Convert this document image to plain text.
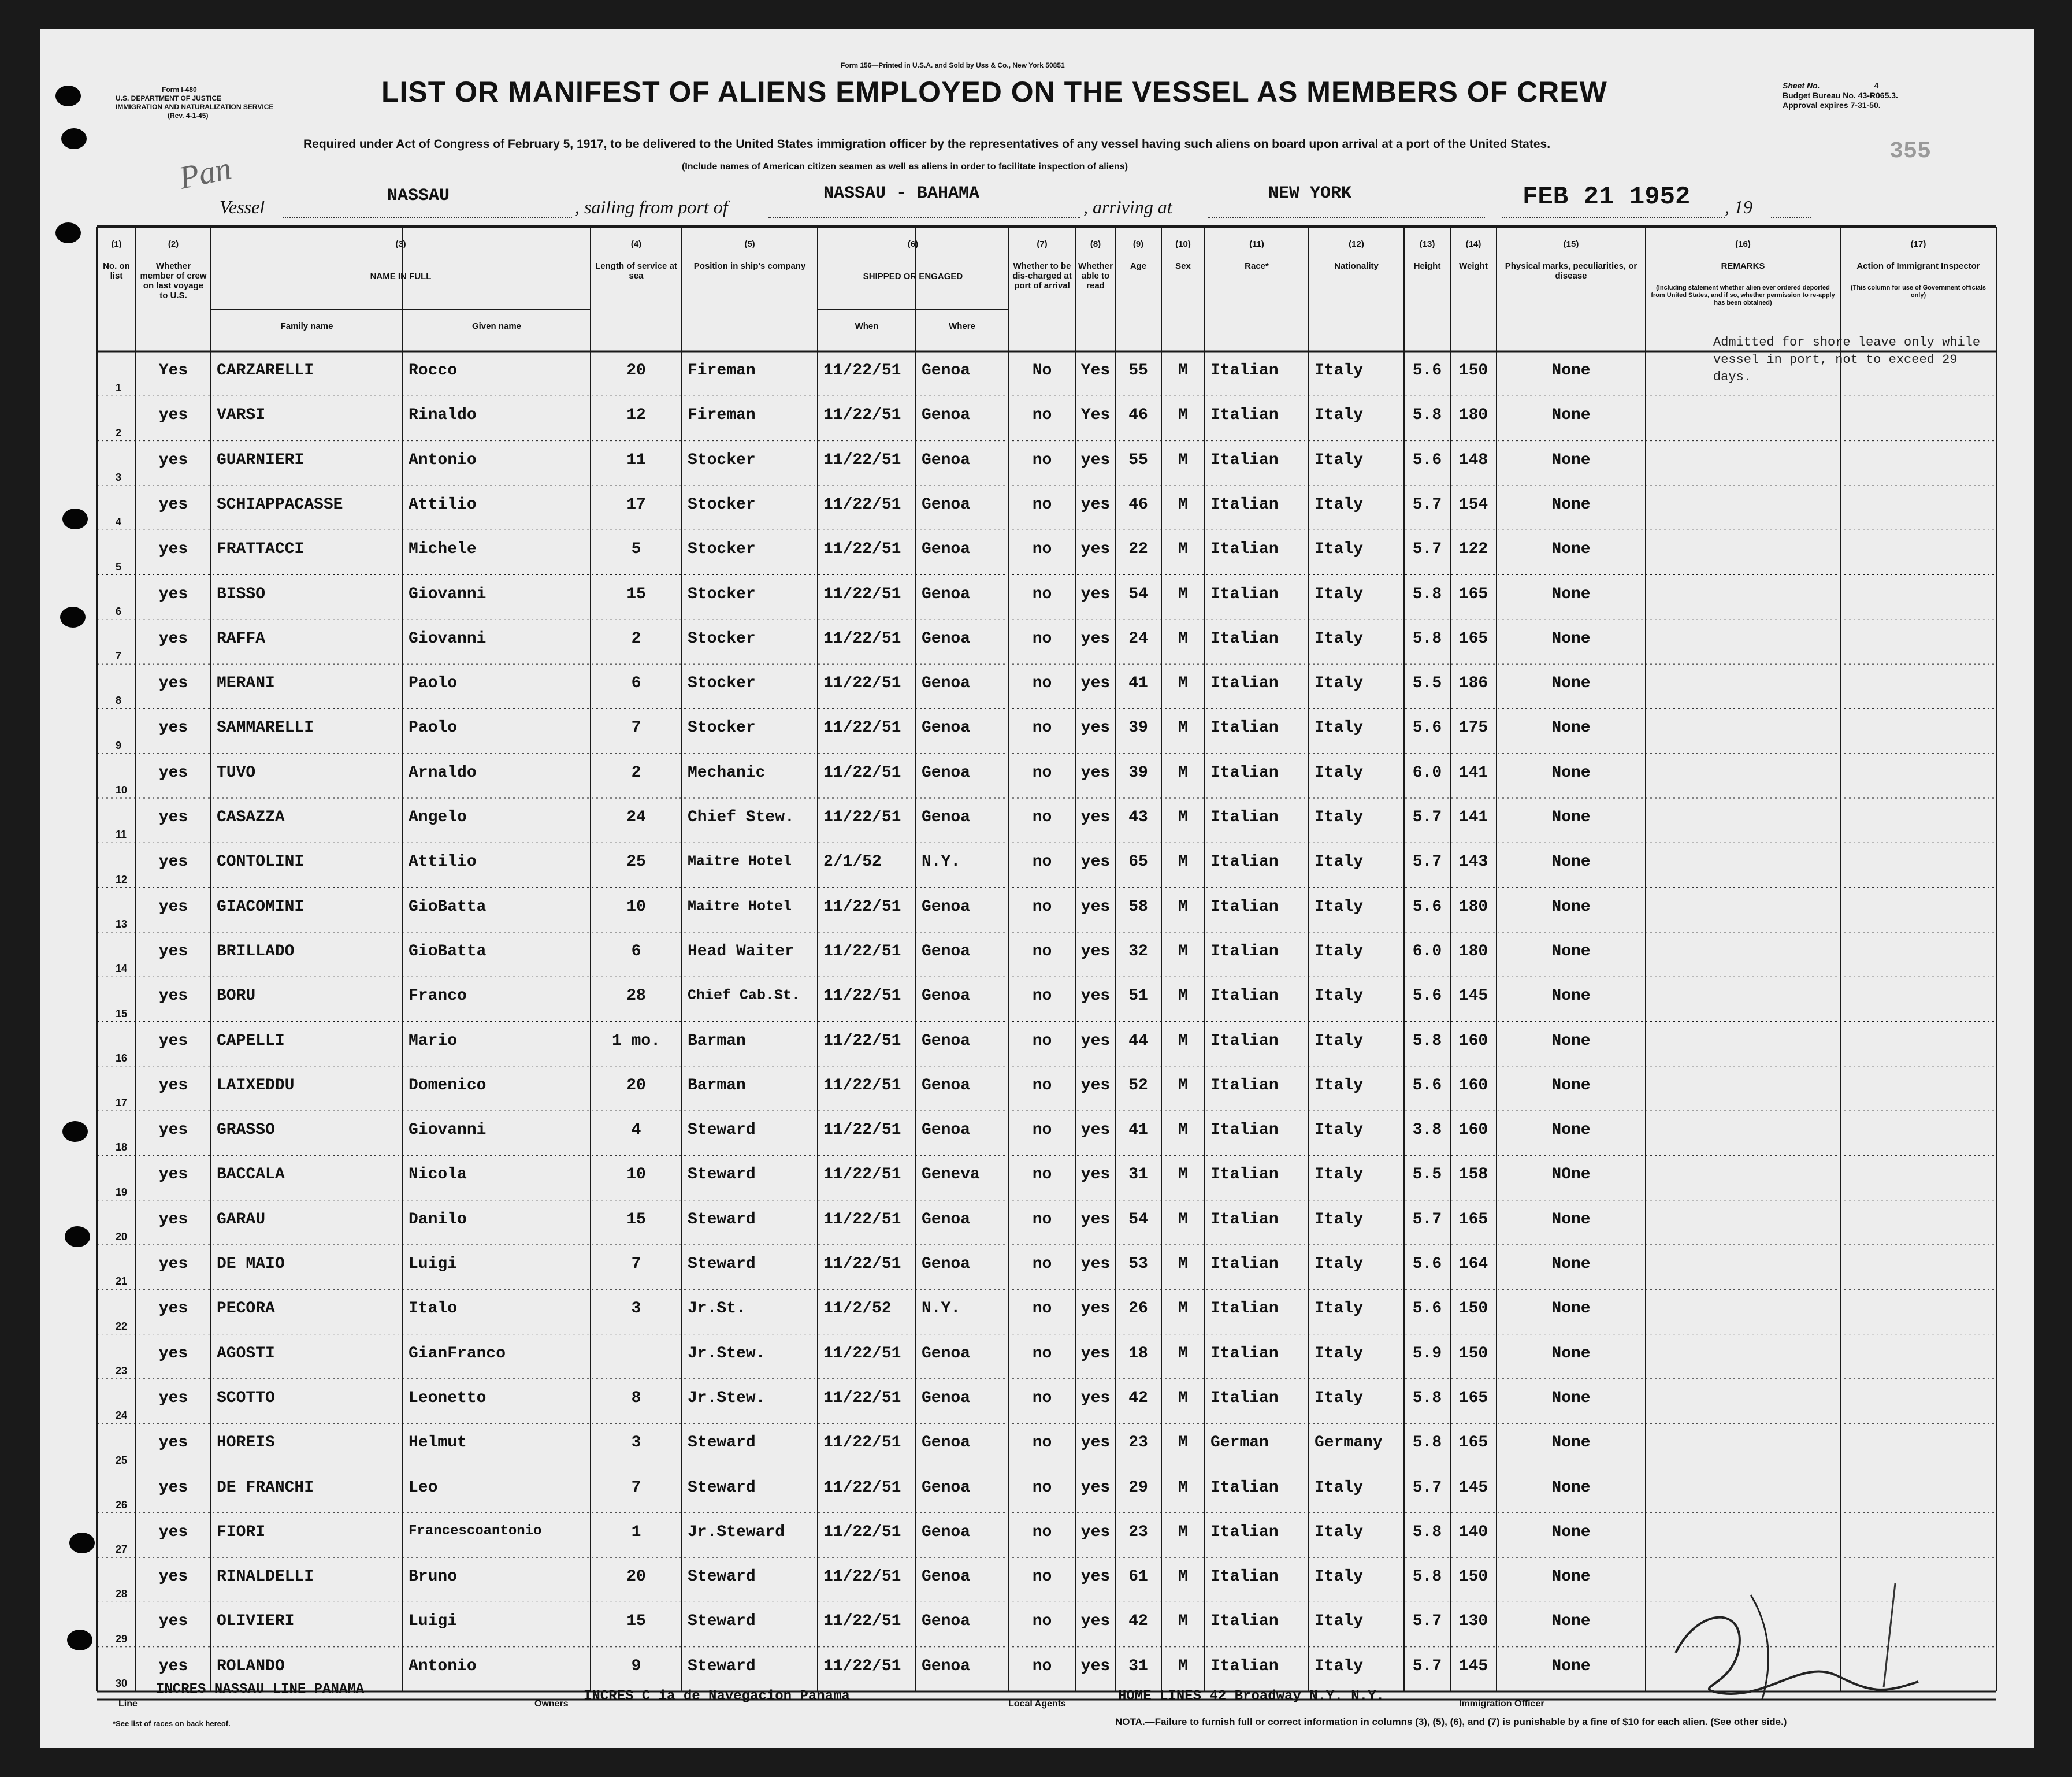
Form 156—Printed in U.S.A. and Sold by Uss & Co., New York 50851
Form I-480
U.S. DEPARTMENT OF JUSTICE
IMMIGRATION AND NATURALIZATION SERVICE
(Rev. 4-1-45)
LIST OR MANIFEST OF ALIENS EMPLOYED ON THE VESSEL AS MEMBERS OF CREW	Sheet No.	4
Budget Bureau No. 43-R065.3.
Approval expires 7-31-50.
355
Required under Act of Congress of February 5, 1917, to be delivered to the United States immigration officer by the representatives of any vessel having such aliens on board upon arrival at a port of the United States.
(Include names of American citizen seamen as well as aliens in order to facilitate inspection of aliens)
Pan
Vessel
NASSAU
, sailing from port of
NASSAU - BAHAMA
, arriving at
NEW YORK	FEB 21 1952 , 19
(1)
No. on list
(2)
Whether member of crew on last voyage to U.S.
(3)
NAME IN FULL
Family name	Given name
(4)
Length of service at sea
(5)
Position in ship's company
(6)
SHIPPED OR ENGAGED
When	Where
(7)
Whether to be dis-charged at port of arrival
(8)
Whether able to read
(9)
Age
(10)
Sex
(11)
Race*
(12)
Nationality
(13)
Height
(14)
Weight
(15)
Physical marks, peculiarities, or disease
(16)
REMARKS
(Including statement whether alien ever ordered deported from United States, and if so, whether permission to re-apply has been obtained)
(17)
Action of Immigrant Inspector
(This column for use of Government officials only)
1
Yes	CARZARELLI	Rocco	20	Fireman	11/22/51 Genoa	No	Yes	55	M	Italian Italy	5.6	150	None
2
yes	VARSI	Rinaldo	12	Fireman	11/22/51 Genoa	no	Yes	46	M	Italian Italy	5.8	180	None
3
yes	GUARNIERI	Antonio	11	Stocker	11/22/51 Genoa	no	yes	55	M	Italian Italy	5.6	148	None
4
yes	SCHIAPPACASSE	Attilio	17	Stocker	11/22/51 Genoa	no	yes	46	M	Italian Italy	5.7	154	None
5
yes	FRATTACCI	Michele	5	Stocker	11/22/51 Genoa	no	yes	22	M	Italian Italy	5.7	122	None
6
yes	BISSO	Giovanni	15	Stocker	11/22/51 Genoa	no	yes	54	M	Italian Italy	5.8	165	None
7
yes	RAFFA	Giovanni	2	Stocker	11/22/51 Genoa	no	yes	24	M	Italian Italy	5.8	165	None
8
yes	MERANI	Paolo	6	Stocker	11/22/51 Genoa	no	yes	41	M	Italian Italy	5.5	186	None
9
yes	SAMMARELLI	Paolo	7	Stocker	11/22/51 Genoa	no	yes	39	M	Italian Italy	5.6	175	None
10
yes	TUVO	Arnaldo	2	Mechanic	11/22/51 Genoa	no	yes	39	M	Italian Italy	6.0	141	None
11
yes	CASAZZA	Angelo	24	Chief Stew. 11/22/51 Genoa	no	yes	43	M	Italian Italy	5.7	141	None
12
yes	CONTOLINI	Attilio	25	Maitre Hotel 2/1/52 N.Y.	no	yes	65	M	Italian Italy	5.7	143	None
13
yes	GIACOMINI	GioBatta	10	Maitre Hotel 11/22/51 Genoa	no	yes	58	M	Italian Italy	5.6	180	None
14
yes	BRILLADO	GioBatta	6	Head Waiter 11/22/51 Genoa	no	yes	32	M	Italian Italy	6.0	180	None
15
yes	BORU	Franco	28	Chief Cab.St. 11/22/51 Genoa	no	yes	51	M	Italian Italy	5.6	145	None
16
yes	CAPELLI	Mario	1 mo.	Barman	11/22/51 Genoa	no	yes	44	M	Italian Italy	5.8	160	None
17
yes	LAIXEDDU	Domenico	20	Barman	11/22/51 Genoa	no	yes	52	M	Italian Italy	5.6	160	None
18
yes	GRASSO	Giovanni	4	Steward	11/22/51 Genoa	no	yes	41	M	Italian Italy	3.8	160	None
19
yes	BACCALA	Nicola	10	Steward	11/22/51 Geneva	no	yes	31	M	Italian Italy	5.5	158	NOne
20
yes	GARAU	Danilo	15	Steward	11/22/51 Genoa	no	yes	54	M	Italian Italy	5.7	165	None
21
yes	DE MAIO	Luigi	7	Steward	11/22/51 Genoa	no	yes	53	M	Italian Italy	5.6	164	None
22
yes	PECORA	Italo	3	Jr.St.	11/2/52 N.Y.	no	yes	26	M	Italian Italy	5.6	150	None
23
yes	AGOSTI	GianFranco	Jr.Stew.	11/22/51 Genoa	no	yes	18	M	Italian Italy	5.9	150	None
24
yes	SCOTTO	Leonetto	8	Jr.Stew.	11/22/51 Genoa	no	yes	42	M	Italian Italy	5.8	165	None
25
yes	HOREIS	Helmut	3	Steward	11/22/51 Genoa	no	yes	23	M	German	Germany	5.8	165	None
26
yes	DE FRANCHI	Leo	7	Steward	11/22/51 Genoa	no	yes	29	M	Italian Italy	5.7	145	None
27
yes	FIORI	Francescoantonio	1	Jr.Steward 11/22/51 Genoa	no	yes	23	M	Italian Italy	5.8	140	None
28
yes	RINALDELLI	Bruno	20	Steward	11/22/51 Genoa	no	yes	61	M	Italian Italy	5.8	150	None
29
yes	OLIVIERI	Luigi	15	Steward	11/22/51 Genoa	no	yes	42	M	Italian Italy	5.7	130	None
30
yes	ROLANDO	Antonio	9	Steward	11/22/51 Genoa	no	yes	31	M	Italian Italy	5.7	145	None
Admitted for shore leave only while vessel in port, not to exceed 29 days.
Line
INCRES NASSAU LINE PANAMA
Owners INCRES C ia de Navegacion Panama	Local Agents	HOME LINES 42 Broadway N.Y. N.Y.	Immigration Officer
*See list of races on back hereof.	NOTA.—Failure to furnish full or correct information in columns (3), (5), (6), and (7) is punishable by a fine of $10 for each alien. (See other side.)
